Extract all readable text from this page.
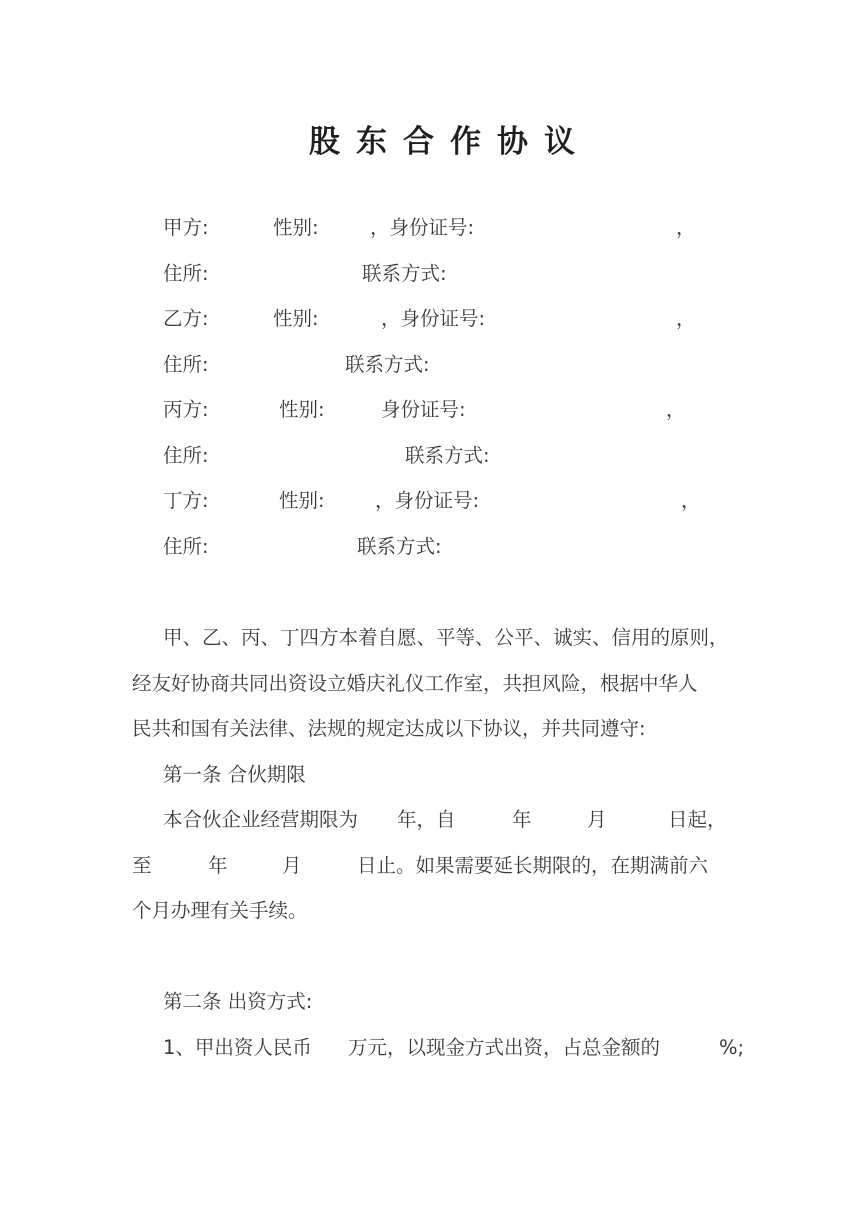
股东合作协议
甲方:	性别:	，身份证号:	，
住所:	联系方式:
乙方:	性别:	，身份证号:	，
住所:	联系方式:
丙方:	性别:	身份证号:	，
住所:	联系方式:
丁方:	性别:	，身份证号:	，
住所:	联系方式:
甲、乙、丙、丁四方本着自愿、平等、公平、诚实、信用的原则，
经友好协商共同出资设立婚庆礼仪工作室，共担风险，根据中华人
民共和国有关法律、法规的规定达成以下协议，并共同遵守:
第一条 合伙期限
本合伙企业经营期限为 年，自	年	月	日起，
至	年	月	日止。如果需要延长期限的，在期满前六
个月办理有关手续。
第二条 出资方式:
1、甲出资人民币 万元，以现金方式出资，占总金额的	%;
